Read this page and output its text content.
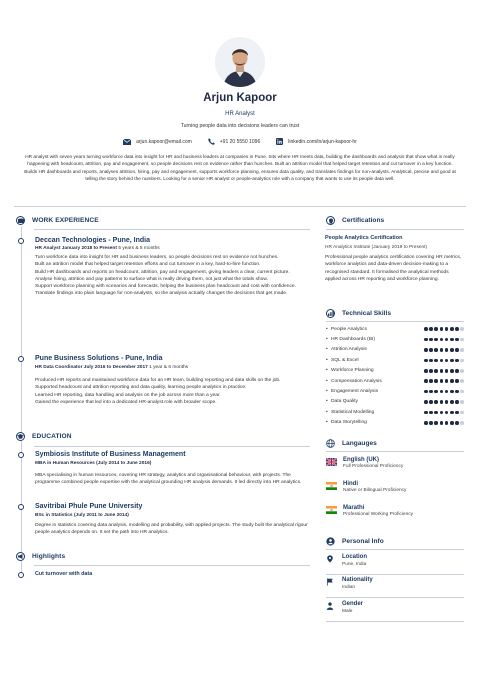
Arjun Kapoor
HR Analyst
Turning people data into decisions leaders can trust
arjun.kapoor@email.com	+91 20 5550 1096	linkedin.com/in/arjun-kapoor-hr
HR analyst with seven years turning workforce data into insight for HR and business leaders at companies in Pune. Sits where HR meets data, building the dashboards and analysis that show what is really happening with headcount, attrition, pay and engagement, so people decisions rest on evidence rather than hunches. Built an attrition model that helped target retention and cut turnover in a key function. Builds HR dashboards and reports, analyses attrition, hiring, pay and engagement, supports workforce planning, ensures data quality, and translates findings for non-analysts. Analytical, precise and good at telling the story behind the numbers. Looking for a senior HR analyst or people-analytics role with a company that wants to use its people data well.
WORK EXPERIENCE
Deccan Technologies - Pune, India
HR Analyst January 2018 to Present 5 years & 5 months
Turn workforce data into insight for HR and business leaders, so people decisions rest on evidence not hunches.
Built an attrition model that helped target retention efforts and cut turnover in a key, hard-to-hire function.
Build HR dashboards and reports on headcount, attrition, pay and engagement, giving leaders a clear, current picture.
Analyse hiring, attrition and pay patterns to surface what is really driving them, not just what the totals show.
Support workforce planning with scenarios and forecasts, helping the business plan headcount and cost with confidence.
Translate findings into plain language for non-analysts, so the analysis actually changes the decisions that get made.
Pune Business Solutions - Pune, India
HR Data Coordinator July 2016 to December 2017 1 year & 6 months
Produced HR reports and maintained workforce data for an HR team, building reporting and data skills on the job.
Supported headcount and attrition reporting and data quality, learning people analytics in practice.
Learned HR reporting, data handling and analysis on the job across more than a year.
Gained the experience that led into a dedicated HR-analyst role with broader scope.
EDUCATION
Symbiosis Institute of Business Management
MBA in Human Resources (July 2014 to June 2016)
MBA specialising in human resources, covering HR strategy, analytics and organisational behaviour, with projects. The programme combined people expertise with the analytical grounding HR analysis demands. It led directly into HR analytics.
Savitribai Phule Pune University
BSc in Statistics (July 2011 to June 2014)
Degree in statistics covering data analysis, modelling and probability, with applied projects. The study built the analytical rigour people analytics depends on. It set the path into HR analytics.
Highlights
Cut turnover with data
Certifications
People Analytics Certification
HR Analytics Institute (January 2019 to Present)
Professional people analytics certification covering HR metrics, workforce analytics and data-driven decision-making to a recognised standard. It formalised the analytical methods applied across HR reporting and workforce planning.
Technical Skills
• People Analytics
• HR Dashboards (BI)
• Attrition Analysis
• SQL & Excel
• Workforce Planning
• Compensation Analysis
• Engagement Analysis
• Data Quality
• Statistical Modelling
• Data Storytelling
Langauges
English (UK)
Full Professional Proficiency
Hindi
Native or Bilingual Proficiency
Marathi
Professional Working Proficiency
Personal Info
Location
Pune, India
Nationality
Indian
Gender
Male
